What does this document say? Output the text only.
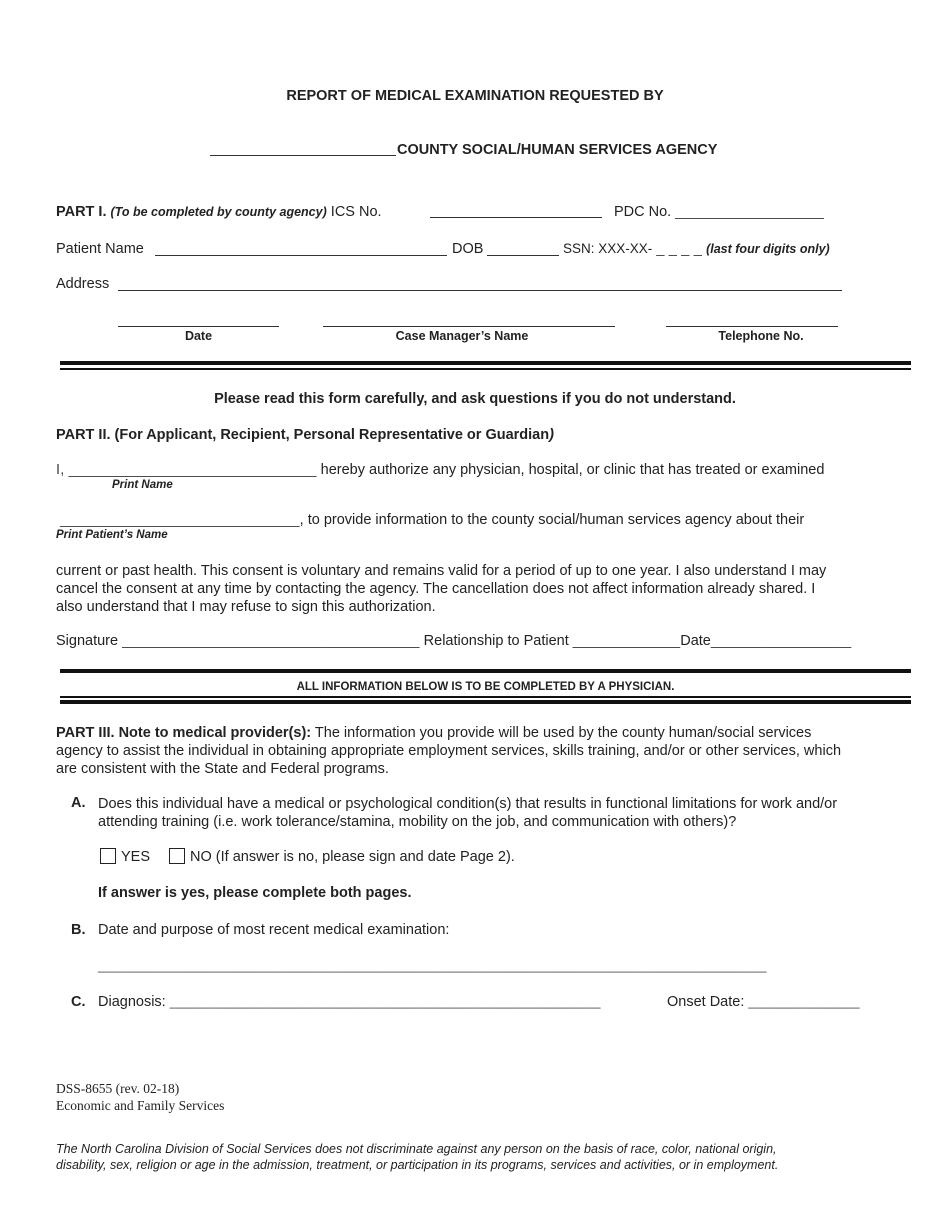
REPORT OF MEDICAL EXAMINATION REQUESTED BY
COUNTY SOCIAL/HUMAN SERVICES AGENCY
PART I. (To be completed by county agency) ICS No.	PDC No. __________________
Patient Name	DOB	SSN: XXX-XX- _ _ _ _ (last four digits only)
Address
Date	Case Manager’s Name	Telephone No.
Please read this form carefully, and ask questions if you do not understand.
PART II. (For Applicant, Recipient, Personal Representative or Guardian)
I, ______________________________ hereby authorize any physician, hospital, or clinic that has treated or examined
Print Name
_____________________________, to provide information to the county social/human services agency about their
Print Patient’s Name
current or past health. This consent is voluntary and remains valid for a period of up to one year. I also understand I may
cancel the consent at any time by contacting the agency. The cancellation does not affect information already shared. I
also understand that I may refuse to sign this authorization.
Signature ____________________________________ Relationship to Patient _____________Date_________________
ALL INFORMATION BELOW IS TO BE COMPLETED BY A PHYSICIAN.
PART III. Note to medical provider(s): The information you provide will be used by the county human/social services
agency to assist the individual in obtaining appropriate employment services, skills training, and/or or other services, which
are consistent with the State and Federal programs.
A. Does this individual have a medical or psychological condition(s) that results in functional limitations for work and/or
attending training (i.e. work tolerance/stamina, mobility on the job, and communication with others)?
YES	NO (If answer is no, please sign and date Page 2).
If answer is yes, please complete both pages.
B. Date and purpose of most recent medical examination:
__________________________________________________________________________________________
C. Diagnosis: __________________________________________________________	Onset Date: _______________
DSS-8655 (rev. 02-18)
Economic and Family Services
The North Carolina Division of Social Services does not discriminate against any person on the basis of race, color, national origin,
disability, sex, religion or age in the admission, treatment, or participation in its programs, services and activities, or in employment.
